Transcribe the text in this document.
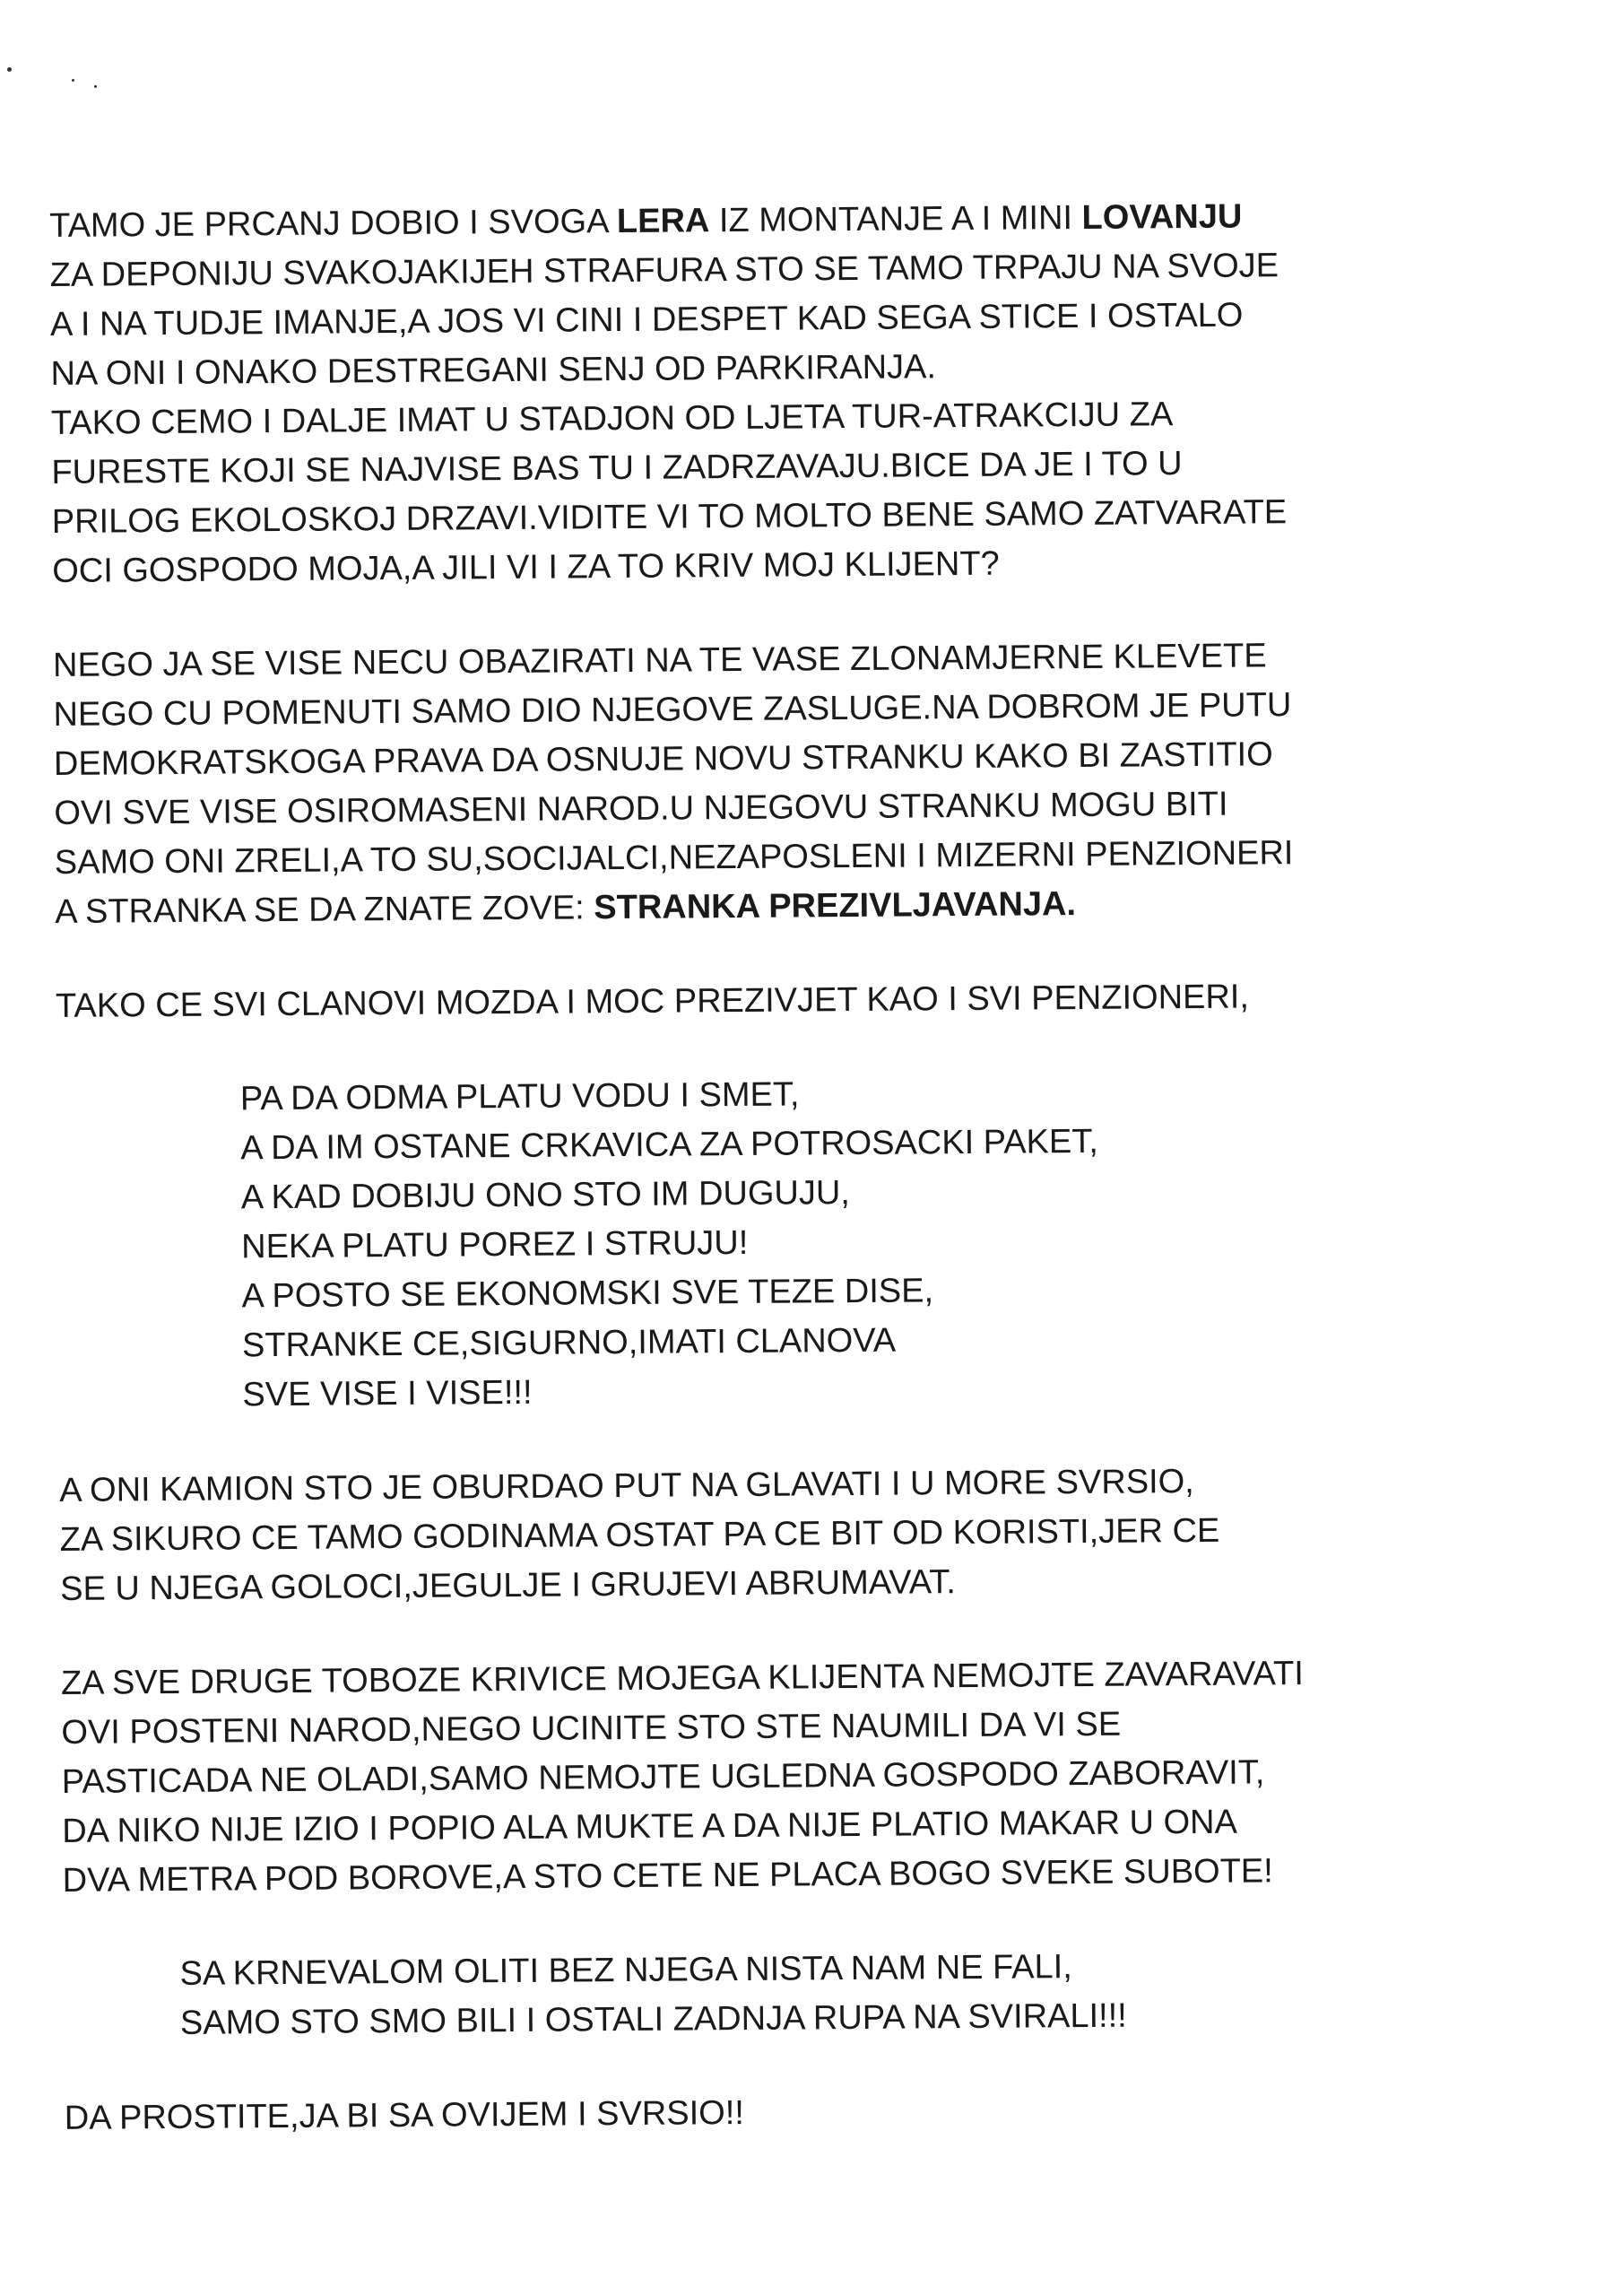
TAMO JE PRCANJ DOBIO I SVOGA LERA IZ MONTANJE A I MINI LOVANJU
ZA DEPONIJU SVAKOJAKIJEH STRAFURA STO SE TAMO TRPAJU NA SVOJE
A I NA TUDJE IMANJE,A JOS VI CINI I DESPET KAD SEGA STICE I OSTALO
NA ONI I ONAKO DESTREGANI SENJ OD PARKIRANJA.
TAKO CEMO I DALJE IMAT U STADJON OD LJETA TUR-ATRAKCIJU ZA
FURESTE KOJI SE NAJVISE BAS TU I ZADRZAVAJU.BICE DA JE I TO U
PRILOG EKOLOSKOJ DRZAVI.VIDITE VI TO MOLTO BENE SAMO ZATVARATE
OCI GOSPODO MOJA,A JILI VI I ZA TO KRIV MOJ KLIJENT?
NEGO JA SE VISE NECU OBAZIRATI NA TE VASE ZLONAMJERNE KLEVETE
NEGO CU POMENUTI SAMO DIO NJEGOVE ZASLUGE.NA DOBROM JE PUTU
DEMOKRATSKOGA PRAVA DA OSNUJE NOVU STRANKU KAKO BI ZASTITIO
OVI SVE VISE OSIROMASENI NAROD.U NJEGOVU STRANKU MOGU BITI
SAMO ONI ZRELI,A TO SU,SOCIJALCI,NEZAPOSLENI I MIZERNI PENZIONERI
A STRANKA SE DA ZNATE ZOVE: STRANKA PREZIVLJAVANJA.
TAKO CE SVI CLANOVI MOZDA I MOC PREZIVJET KAO I SVI PENZIONERI,
PA DA ODMA PLATU VODU I SMET,
A DA IM OSTANE CRKAVICA ZA POTROSACKI PAKET,
A KAD DOBIJU ONO STO IM DUGUJU,
NEKA PLATU POREZ I STRUJU!
A POSTO SE EKONOMSKI SVE TEZE DISE,
STRANKE CE,SIGURNO,IMATI CLANOVA
SVE VISE I VISE!!!
A ONI KAMION STO JE OBURDAO PUT NA GLAVATI I U MORE SVRSIO,
ZA SIKURO CE TAMO GODINAMA OSTAT PA CE BIT OD KORISTI,JER CE
SE U NJEGA GOLOCI,JEGULJE I GRUJEVI ABRUMAVAT.
ZA SVE DRUGE TOBOZE KRIVICE MOJEGA KLIJENTA NEMOJTE ZAVARAVATI
OVI POSTENI NAROD,NEGO UCINITE STO STE NAUMILI DA VI SE
PASTICADA NE OLADI,SAMO NEMOJTE UGLEDNA GOSPODO ZABORAVIT,
DA NIKO NIJE IZIO I POPIO ALA MUKTE A DA NIJE PLATIO MAKAR U ONA
DVA METRA POD BOROVE,A STO CETE NE PLACA BOGO SVEKE SUBOTE!
SA KRNEVALOM OLITI BEZ NJEGA NISTA NAM NE FALI,
SAMO STO SMO BILI I OSTALI ZADNJA RUPA NA SVIRALI!!!
DA PROSTITE,JA BI SA OVIJEM I SVRSIO!!
